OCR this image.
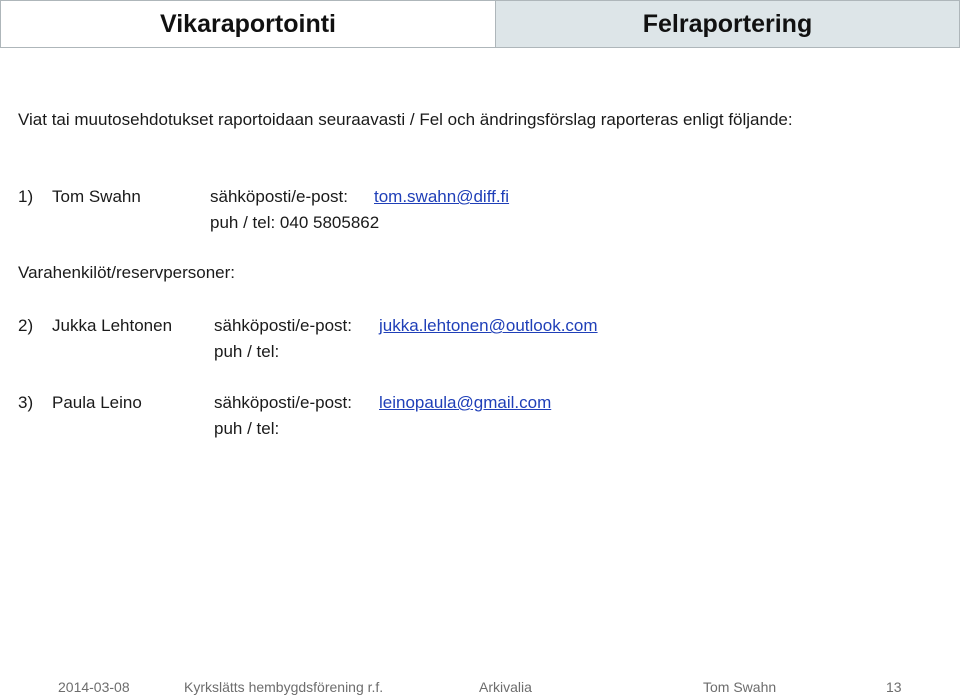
Vikaraportointi	Felraportering
Viat tai muutosehdotukset raportoidaan seuraavasti / Fel och ändringsförslag raporteras enligt följande:
1) Tom Swahn	sähköposti/e-post: tom.swahn@diff.fi
puh / tel: 040 5805862
Varahenkilöt/reservpersoner:
2) Jukka Lehtonen sähköposti/e-post: jukka.lehtonen@outlook.com
puh / tel:
3) Paula Leino	sähköposti/e-post: leinopaula@gmail.com
puh / tel:
2014-03-08	Kyrkslätts hembygdsförening r.f.	Arkivalia	Tom Swahn	13
